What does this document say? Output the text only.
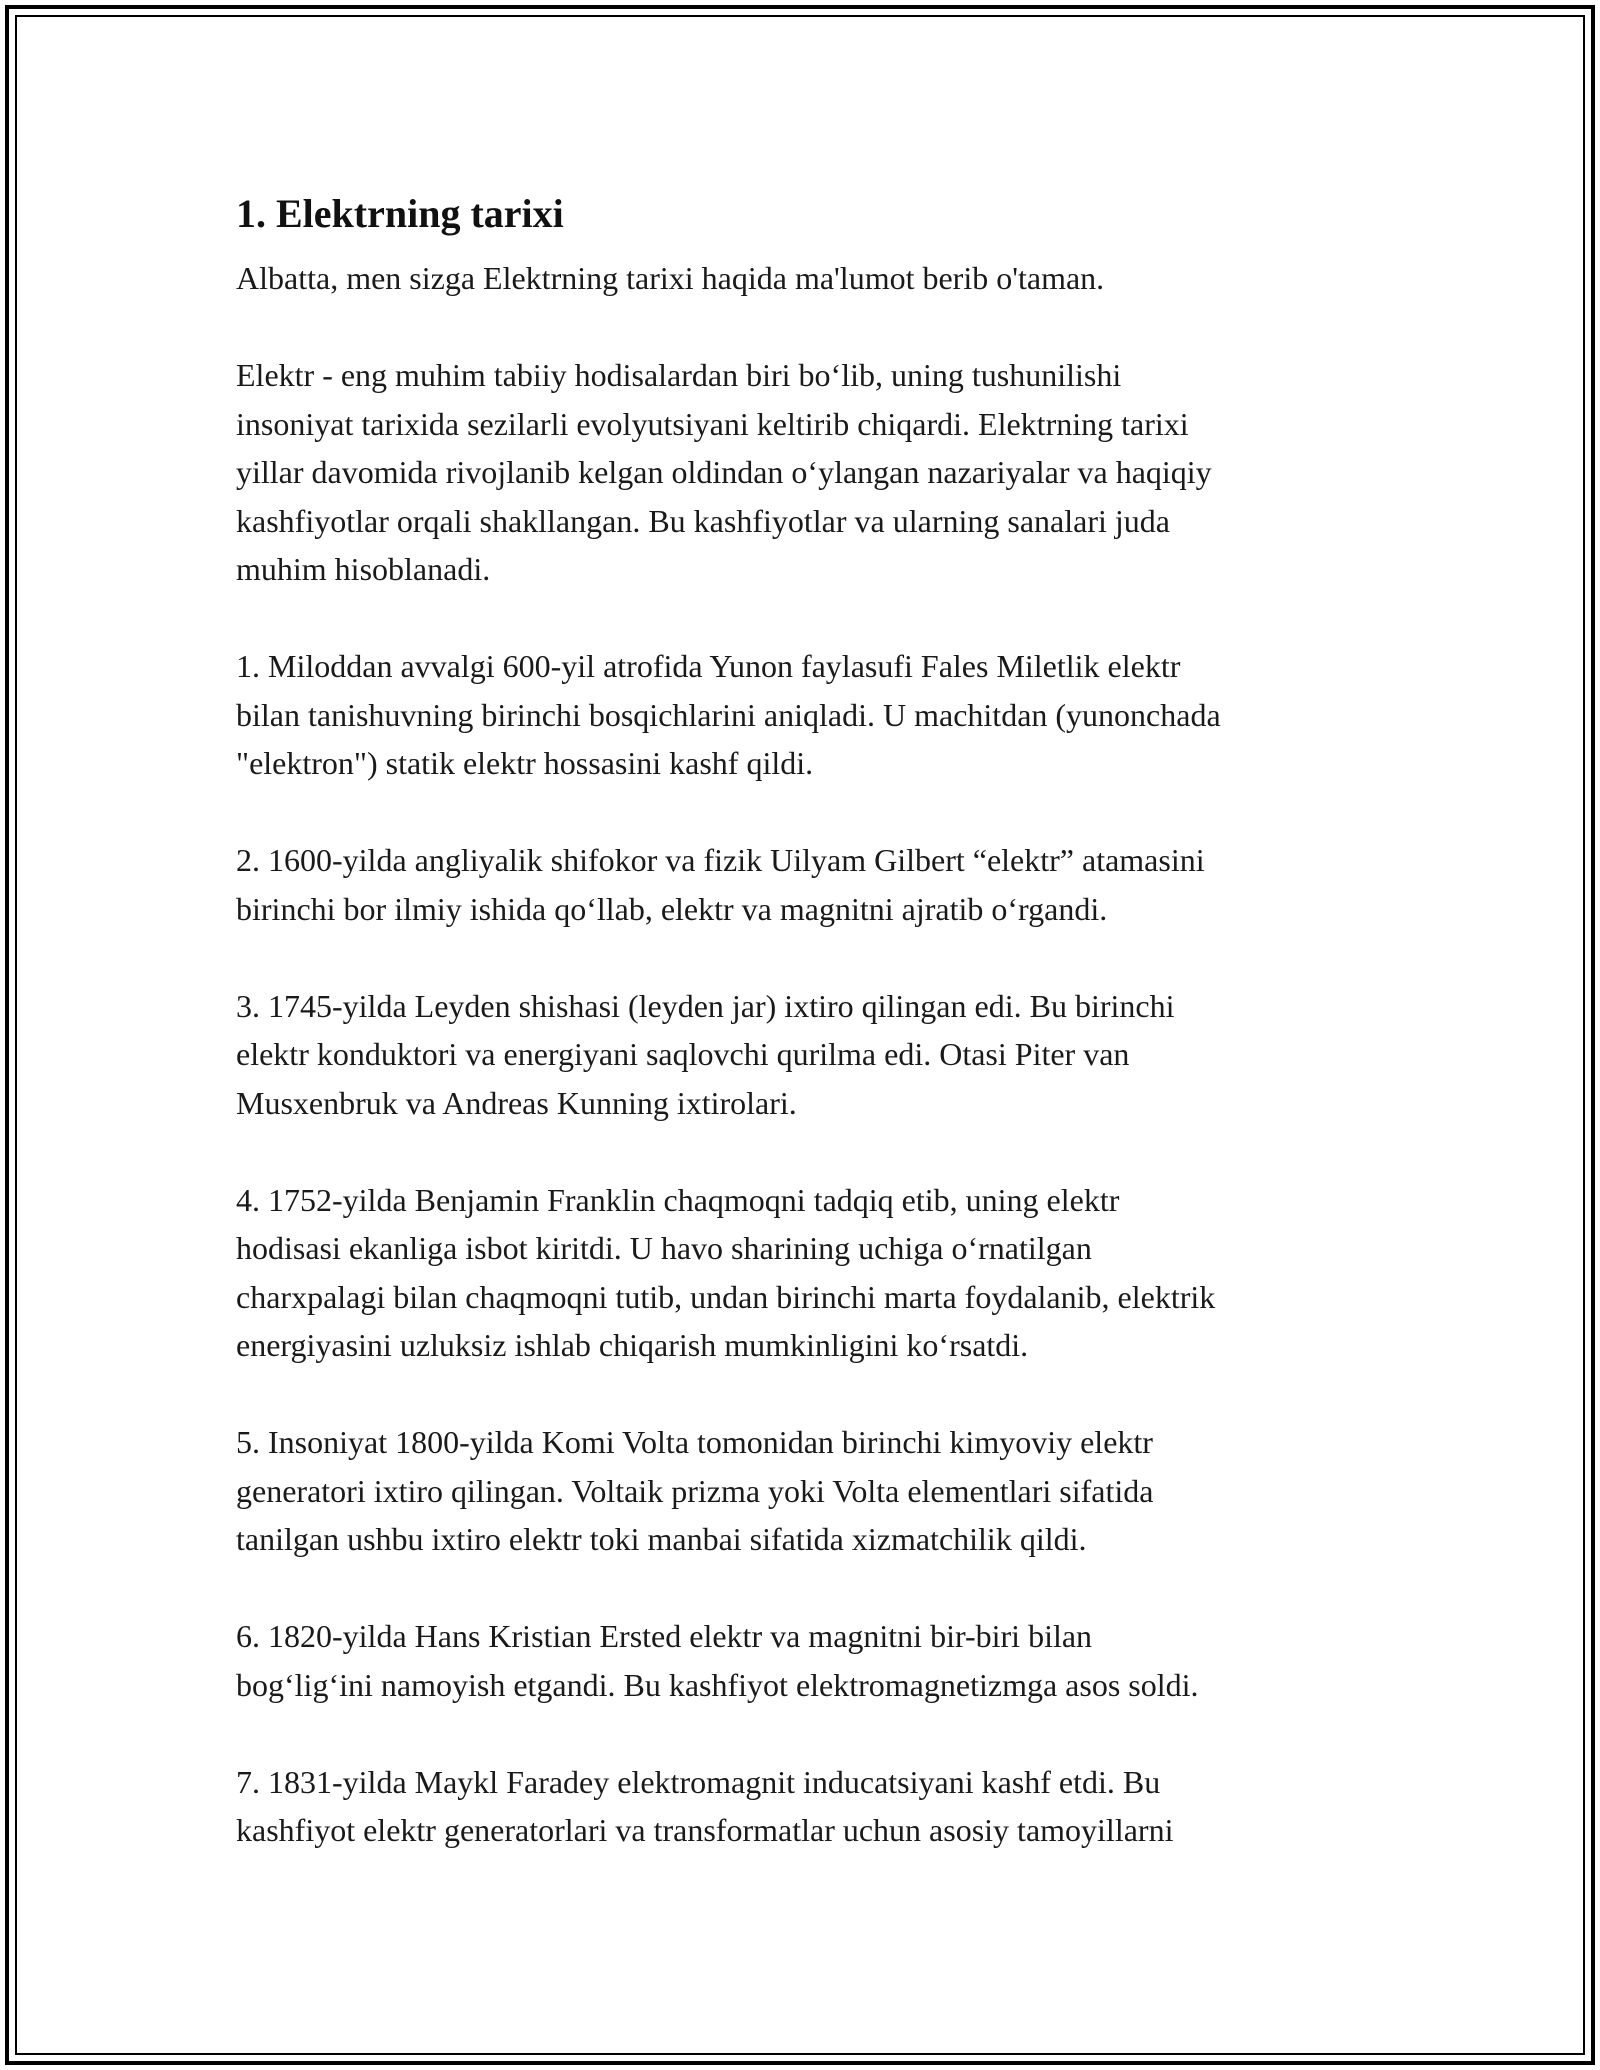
1. Elektrning tarixi

Albatta, men sizga Elektrning tarixi haqida ma'lumot berib o'taman.

Elektr - eng muhim tabiiy hodisalardan biri bo‘lib, uning tushunilishi
insoniyat tarixida sezilarli evolyutsiyani keltirib chiqardi. Elektrning tarixi
yillar davomida rivojlanib kelgan oldindan o‘ylangan nazariyalar va haqiqiy
kashfiyotlar orqali shakllangan. Bu kashfiyotlar va ularning sanalari juda
muhim hisoblanadi.

1. Miloddan avvalgi 600-yil atrofida Yunon faylasufi Fales Miletlik elektr
bilan tanishuvning birinchi bosqichlarini aniqladi. U machitdan (yunonchada
"elektron") statik elektr hossasini kashf qildi.

2. 1600-yilda angliyalik shifokor va fizik Uilyam Gilbert “elektr” atamasini
birinchi bor ilmiy ishida qo‘llab, elektr va magnitni ajratib o‘rgandi.

3. 1745-yilda Leyden shishasi (leyden jar) ixtiro qilingan edi. Bu birinchi
elektr konduktori va energiyani saqlovchi qurilma edi. Otasi Piter van
Musxenbruk va Andreas Kunning ixtirolari.

4. 1752-yilda Benjamin Franklin chaqmoqni tadqiq etib, uning elektr
hodisasi ekanliga isbot kiritdi. U havo sharining uchiga o‘rnatilgan
charxpalagi bilan chaqmoqni tutib, undan birinchi marta foydalanib, elektrik
energiyasini uzluksiz ishlab chiqarish mumkinligini ko‘rsatdi.

5. Insoniyat 1800-yilda Komi Volta tomonidan birinchi kimyoviy elektr
generatori ixtiro qilingan. Voltaik prizma yoki Volta elementlari sifatida
tanilgan ushbu ixtiro elektr toki manbai sifatida xizmatchilik qildi.

6. 1820-yilda Hans Kristian Ersted elektr va magnitni bir-biri bilan
bog‘lig‘ini namoyish etgandi. Bu kashfiyot elektromagnetizmga asos soldi.

7. 1831-yilda Maykl Faradey elektromagnit inducatsiyani kashf etdi. Bu
kashfiyot elektr generatorlari va transformatlar uchun asosiy tamoyillarni
